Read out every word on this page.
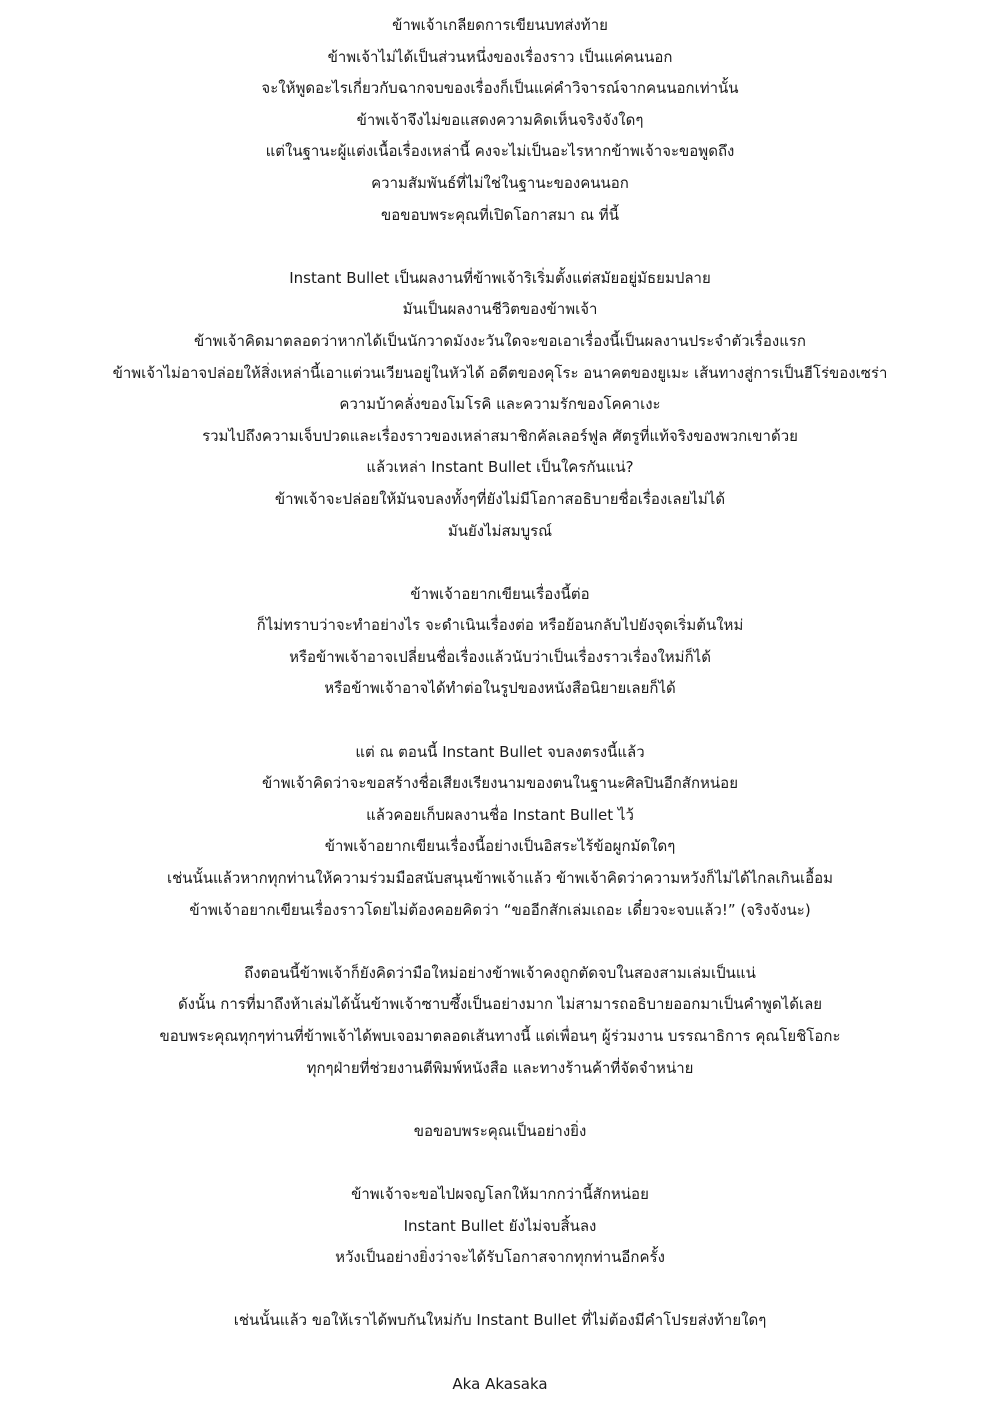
ข้าพเจ้าเกลียดการเขียนบทส่งท้าย
ข้าพเจ้าไม่ได้เป็นส่วนหนึ่งของเรื่องราว เป็นแค่คนนอก
จะให้พูดอะไรเกี่ยวกับฉากจบของเรื่องก็เป็นแค่คำวิจารณ์จากคนนอกเท่านั้น
ข้าพเจ้าจึงไม่ขอแสดงความคิดเห็นจริงจังใดๆ
แต่ในฐานะผู้แต่งเนื้อเรื่องเหล่านี้ คงจะไม่เป็นอะไรหากข้าพเจ้าจะขอพูดถึง
ความสัมพันธ์ที่ไม่ใช่ในฐานะของคนนอก
ขอขอบพระคุณที่เปิดโอกาสมา ณ ที่นี้
Instant Bullet เป็นผลงานที่ข้าพเจ้าริเริ่มตั้งแต่สมัยอยู่มัธยมปลาย
มันเป็นผลงานชีวิตของข้าพเจ้า
ข้าพเจ้าคิดมาตลอดว่าหากได้เป็นนักวาดมังงะวันใดจะขอเอาเรื่องนี้เป็นผลงานประจำตัวเรื่องแรก
ข้าพเจ้าไม่อาจปล่อยให้สิ่งเหล่านี้เอาแต่วนเวียนอยู่ในหัวได้ อดีตของคุโระ อนาคตของยูเมะ เส้นทางสู่การเป็นฮีโร่ของเซร่า
ความบ้าคลั่งของโมโรคิ และความรักของโคคาเงะ
รวมไปถึงความเจ็บปวดและเรื่องราวของเหล่าสมาชิกคัลเลอร์ฟูล ศัตรูที่แท้จริงของพวกเขาด้วย
แล้วเหล่า Instant Bullet เป็นใครกันแน่?
ข้าพเจ้าจะปล่อยให้มันจบลงทั้งๆที่ยังไม่มีโอกาสอธิบายชื่อเรื่องเลยไม่ได้
มันยังไม่สมบูรณ์
ข้าพเจ้าอยากเขียนเรื่องนี้ต่อ
ก็ไม่ทราบว่าจะทำอย่างไร จะดำเนินเรื่องต่อ หรือย้อนกลับไปยังจุดเริ่มต้นใหม่
หรือข้าพเจ้าอาจเปลี่ยนชื่อเรื่องแล้วนับว่าเป็นเรื่องราวเรื่องใหม่ก็ได้
หรือข้าพเจ้าอาจได้ทำต่อในรูปของหนังสือนิยายเลยก็ได้
แต่ ณ ตอนนี้ Instant Bullet จบลงตรงนี้แล้ว
ข้าพเจ้าคิดว่าจะขอสร้างชื่อเสียงเรียงนามของตนในฐานะศิลปินอีกสักหน่อย
แล้วคอยเก็บผลงานชื่อ Instant Bullet ไว้
ข้าพเจ้าอยากเขียนเรื่องนี้อย่างเป็นอิสระไร้ข้อผูกมัดใดๆ
เช่นนั้นแล้วหากทุกท่านให้ความร่วมมือสนับสนุนข้าพเจ้าแล้ว ข้าพเจ้าคิดว่าความหวังก็ไม่ได้ไกลเกินเอื้อม
ข้าพเจ้าอยากเขียนเรื่องราวโดยไม่ต้องคอยคิดว่า “ขออีกสักเล่มเถอะ เดี๋ยวจะจบแล้ว!” (จริงจังนะ)
ถึงตอนนี้ข้าพเจ้าก็ยังคิดว่ามือใหม่อย่างข้าพเจ้าคงถูกตัดจบในสองสามเล่มเป็นแน่
ดังนั้น การที่มาถึงห้าเล่มได้นั้นข้าพเจ้าซาบซึ้งเป็นอย่างมาก ไม่สามารถอธิบายออกมาเป็นคำพูดได้เลย
ขอบพระคุณทุกๆท่านที่ข้าพเจ้าได้พบเจอมาตลอดเส้นทางนี้ แด่เพื่อนๆ ผู้ร่วมงาน บรรณาธิการ คุณโยชิโอกะ
ทุกๆฝ่ายที่ช่วยงานตีพิมพ์หนังสือ และทางร้านค้าที่จัดจำหน่าย
ขอขอบพระคุณเป็นอย่างยิ่ง
ข้าพเจ้าจะขอไปผจญโลกให้มากกว่านี้สักหน่อย
Instant Bullet ยังไม่จบสิ้นลง
หวังเป็นอย่างยิ่งว่าจะได้รับโอกาสจากทุกท่านอีกครั้ง
เช่นนั้นแล้ว ขอให้เราได้พบกันใหม่กับ Instant Bullet ที่ไม่ต้องมีคำโปรยส่งท้ายใดๆ
Aka Akasaka
